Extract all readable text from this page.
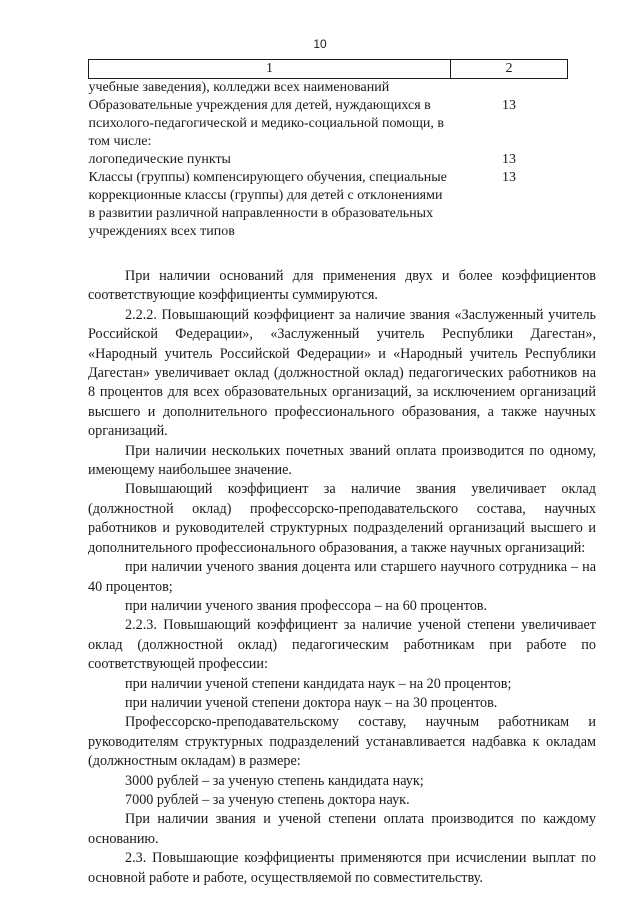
10
1	2
учебные заведения), колледжи всех наименований	
Образовательные учреждения для детей, нуждающихся в психолого-педагогической и медико-социальной помощи, в том числе:	13
логопедические пункты	13
Классы (группы) компенсирующего обучения, специальные коррекционные классы (группы) для детей с отклонениями в развитии различной направленности в образовательных учреждениях всех типов	13

При наличии оснований для применения двух и более коэффициентов соответствующие коэффициенты суммируются.

2.2.2. Повышающий коэффициент за наличие звания «Заслуженный учитель Российской Федерации», «Заслуженный учитель Республики Дагестан», «Народный учитель Российской Федерации» и «Народный учитель Республики Дагестан» увеличивает оклад (должностной оклад) педагогических работников на 8 процентов для всех образовательных организаций, за исключением организаций высшего и дополнительного профессионального образования, а также научных организаций.

При наличии нескольких почетных званий оплата производится по одному, имеющему наибольшее значение.

Повышающий коэффициент за наличие звания увеличивает оклад (должностной оклад) профессорско-преподавательского состава, научных работников и руководителей структурных подразделений организаций высшего и дополнительного профессионального образования, а также научных организаций:

при наличии ученого звания доцента или старшего научного сотрудника – на 40 процентов;

при наличии ученого звания профессора – на 60 процентов.

2.2.3. Повышающий коэффициент за наличие ученой степени увеличивает оклад (должностной оклад) педагогическим работникам при работе по соответствующей профессии:

при наличии ученой степени кандидата наук – на 20 процентов;

при наличии ученой степени доктора наук – на 30 процентов.

Профессорско-преподавательскому составу, научным работникам и руководителям структурных подразделений устанавливается надбавка к окладам (должностным окладам) в размере:

3000 рублей – за ученую степень кандидата наук;

7000 рублей – за ученую степень доктора наук.

При наличии звания и ученой степени оплата производится по каждому основанию.

2.3. Повышающие коэффициенты применяются при исчислении выплат по основной работе и работе, осуществляемой по совместительству.
